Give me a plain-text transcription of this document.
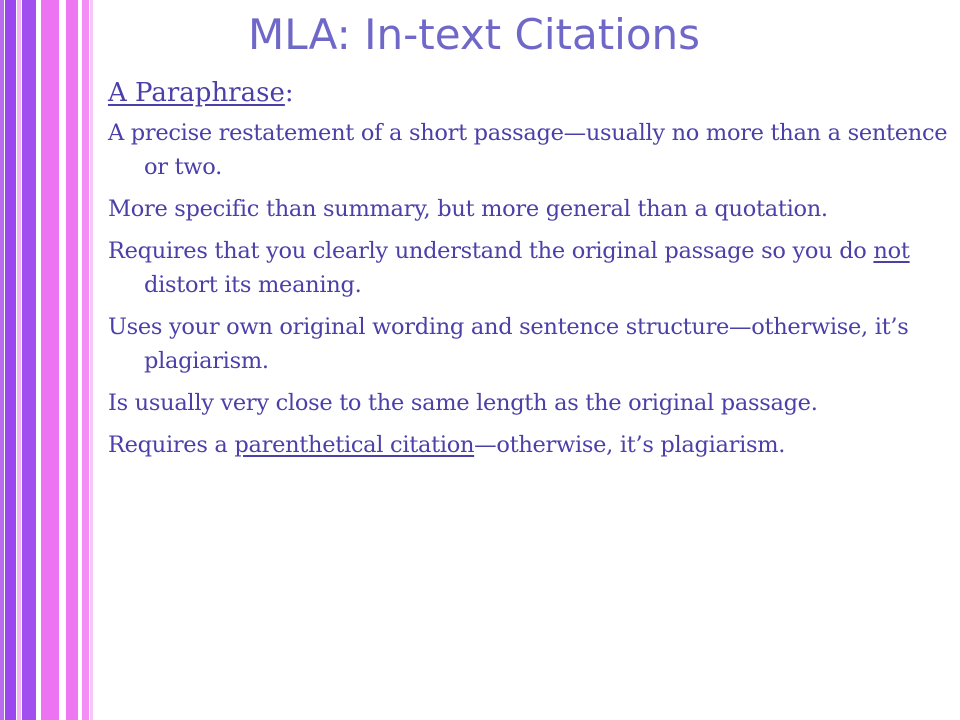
MLA: In-text Citations
A Paraphrase:
A precise restatement of a short passage—usually no more than a sentence or two.
More specific than summary, but more general than a quotation.
Requires that you clearly understand the original passage so you do not distort its meaning.
Uses your own original wording and sentence structure—otherwise, it’s plagiarism.
Is usually very close to the same length as the original passage.
Requires a parenthetical citation—otherwise, it’s plagiarism.
